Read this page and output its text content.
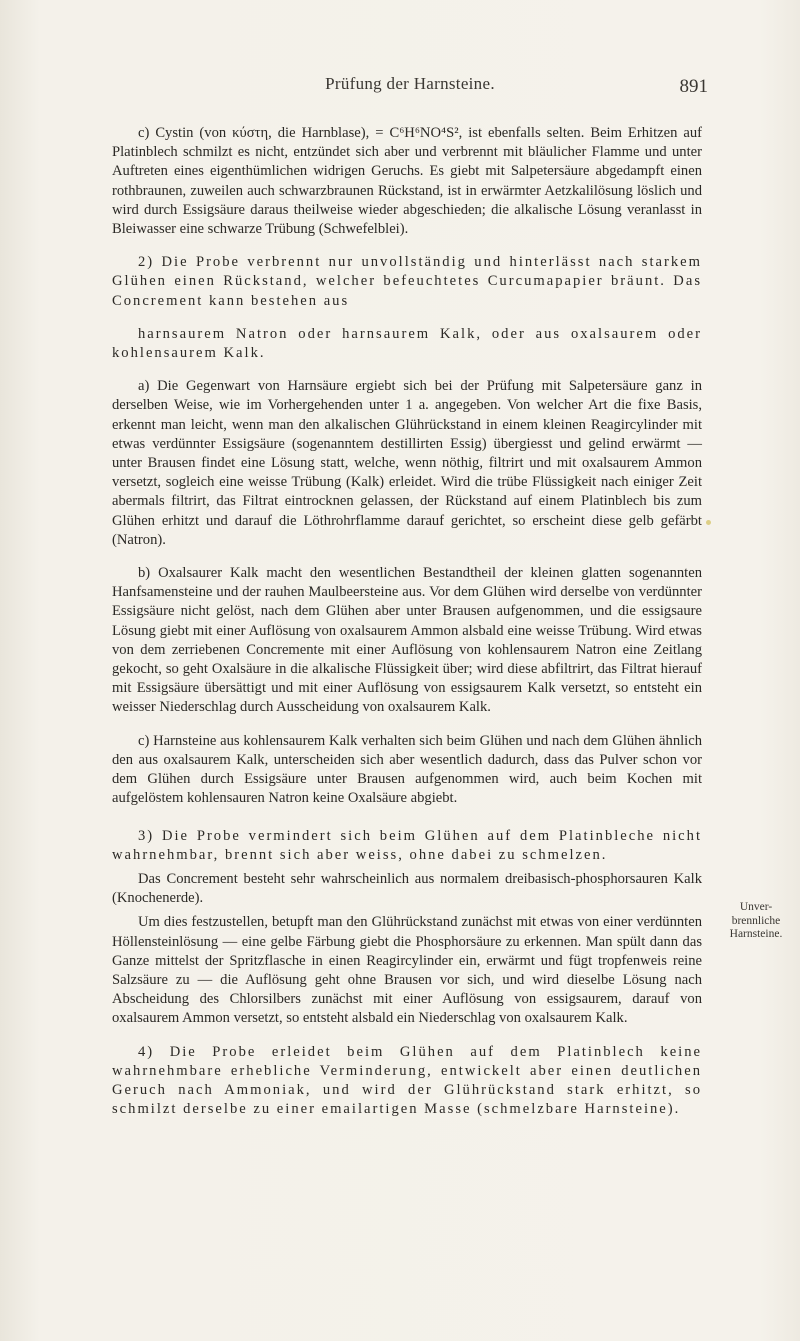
Prüfung der Harnsteine.	891

c) Cystin (von κύστη, die Harnblase), = C⁶H⁶NO⁴S², ist ebenfalls selten. Beim Erhitzen auf Platinblech schmilzt es nicht, entzündet sich aber und verbrennt mit bläulicher Flamme und unter Auftreten eines eigenthümlichen widrigen Geruchs. Es giebt mit Salpetersäure abgedampft einen rothbraunen, zuweilen auch schwarzbraunen Rückstand, ist in erwärmter Aetzkalilösung löslich und wird durch Essigsäure daraus theilweise wieder abgeschieden; die alkalische Lösung veranlasst in Bleiwasser eine schwarze Trübung (Schwefelblei).

2) Die Probe verbrennt nur unvollständig und hinterlässt nach starkem Glühen einen Rückstand, welcher befeuchtetes Curcumapapier bräunt. Das Concrement kann bestehen aus

harnsaurem Natron oder harnsaurem Kalk, oder aus oxalsaurem oder kohlensaurem Kalk.

a) Die Gegenwart von Harnsäure ergiebt sich bei der Prüfung mit Salpetersäure ganz in derselben Weise, wie im Vorhergehenden unter 1 a. angegeben. Von welcher Art die fixe Basis, erkennt man leicht, wenn man den alkalischen Glührückstand in einem kleinen Reagircylinder mit etwas verdünnter Essigsäure (sogenanntem destillirten Essig) übergiesst und gelind erwärmt — unter Brausen findet eine Lösung statt, welche, wenn nöthig, filtrirt und mit oxalsaurem Ammon versetzt, sogleich eine weisse Trübung (Kalk) erleidet. Wird die trübe Flüssigkeit nach einiger Zeit abermals filtrirt, das Filtrat eintrocknen gelassen, der Rückstand auf einem Platinblech bis zum Glühen erhitzt und darauf die Löthrohrflamme darauf gerichtet, so erscheint diese gelb gefärbt (Natron).

b) Oxalsaurer Kalk macht den wesentlichen Bestandtheil der kleinen glatten sogenannten Hanfsamensteine und der rauhen Maulbeersteine aus. Vor dem Glühen wird derselbe von verdünnter Essigsäure nicht gelöst, nach dem Glühen aber unter Brausen aufgenommen, und die essigsaure Lösung giebt mit einer Auflösung von oxalsaurem Ammon alsbald eine weisse Trübung. Wird etwas von dem zerriebenen Concremente mit einer Auflösung von kohlensaurem Natron eine Zeitlang gekocht, so geht Oxalsäure in die alkalische Flüssigkeit über; wird diese abfiltrirt, das Filtrat hierauf mit Essigsäure übersättigt und mit einer Auflösung von essigsaurem Kalk versetzt, so entsteht ein weisser Niederschlag durch Ausscheidung von oxalsaurem Kalk.

c) Harnsteine aus kohlensaurem Kalk verhalten sich beim Glühen und nach dem Glühen ähnlich den aus oxalsaurem Kalk, unterscheiden sich aber wesentlich dadurch, dass das Pulver schon vor dem Glühen durch Essigsäure unter Brausen aufgenommen wird, auch beim Kochen mit aufgelöstem kohlensauren Natron keine Oxalsäure abgiebt.

3) Die Probe vermindert sich beim Glühen auf dem Platinbleche nicht wahrnehmbar, brennt sich aber weiss, ohne dabei zu schmelzen.

Das Concrement besteht sehr wahrscheinlich aus normalem dreibasisch-phosphorsauren Kalk (Knochenerde).

Um dies festzustellen, betupft man den Glührückstand zunächst mit etwas von einer verdünnten Höllensteinlösung — eine gelbe Färbung giebt die Phosphorsäure zu erkennen. Man spült dann das Ganze mittelst der Spritzflasche in einen Reagircylinder ein, erwärmt und fügt tropfenweis reine Salzsäure zu — die Auflösung geht ohne Brausen vor sich, und wird dieselbe Lösung nach Abscheidung des Chlorsilbers zunächst mit einer Auflösung von essigsaurem, darauf von oxalsaurem Ammon versetzt, so entsteht alsbald ein Niederschlag von oxalsaurem Kalk.

4) Die Probe erleidet beim Glühen auf dem Platinblech keine wahrnehmbare erhebliche Verminderung, entwickelt aber einen deutlichen Geruch nach Ammoniak, und wird der Glührückstand stark erhitzt, so schmilzt derselbe zu einer emailartigen Masse (schmelzbare Harnsteine).

Unver-
brennliche
Harnsteine.
